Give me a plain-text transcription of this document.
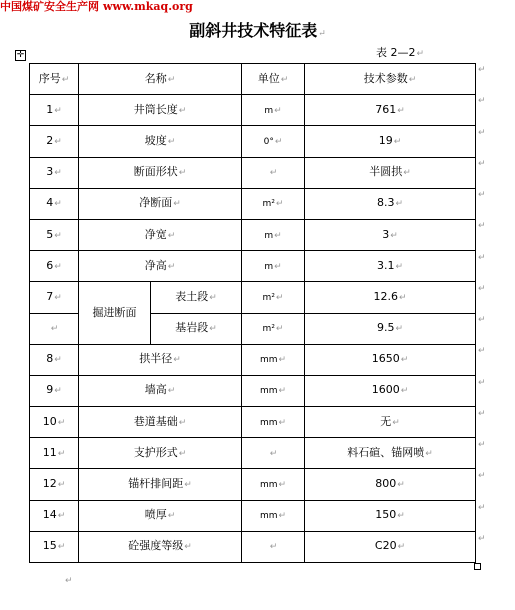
中国煤矿安全生产网 www.mkaq.org
副斜井技术特征表↵
表 2—2↵
✛
序号↵	名称↵		单位↵	技术参数↵
1↵	井筒长度↵		m↵	761↵
2↵	坡度↵		0°↵	19↵
3↵	断面形状↵		↵	半圆拱↵
4↵	净断面↵		m²↵	8.3↵
5↵	净宽↵		m↵	3↵
6↵	净高↵		m↵	3.1↵
7↵	掘进断面	表土段↵	m²↵	12.6↵
↵		基岩段↵	m²↵	9.5↵
8↵	拱半径↵		mm↵	1650↵
9↵	墙高↵		mm↵	1600↵
10↵	巷道基础↵		mm↵	无↵
11↵	支护形式↵		↵	料石碹、锚网喷↵
12↵	锚杆排间距↵		mm↵	800↵
14↵	喷厚↵		mm↵	150↵
15↵	砼强度等级↵		↵	C20↵
↵
↵
↵
↵
↵
↵
↵
↵
↵
↵
↵
↵
↵
↵
↵
↵
↵
